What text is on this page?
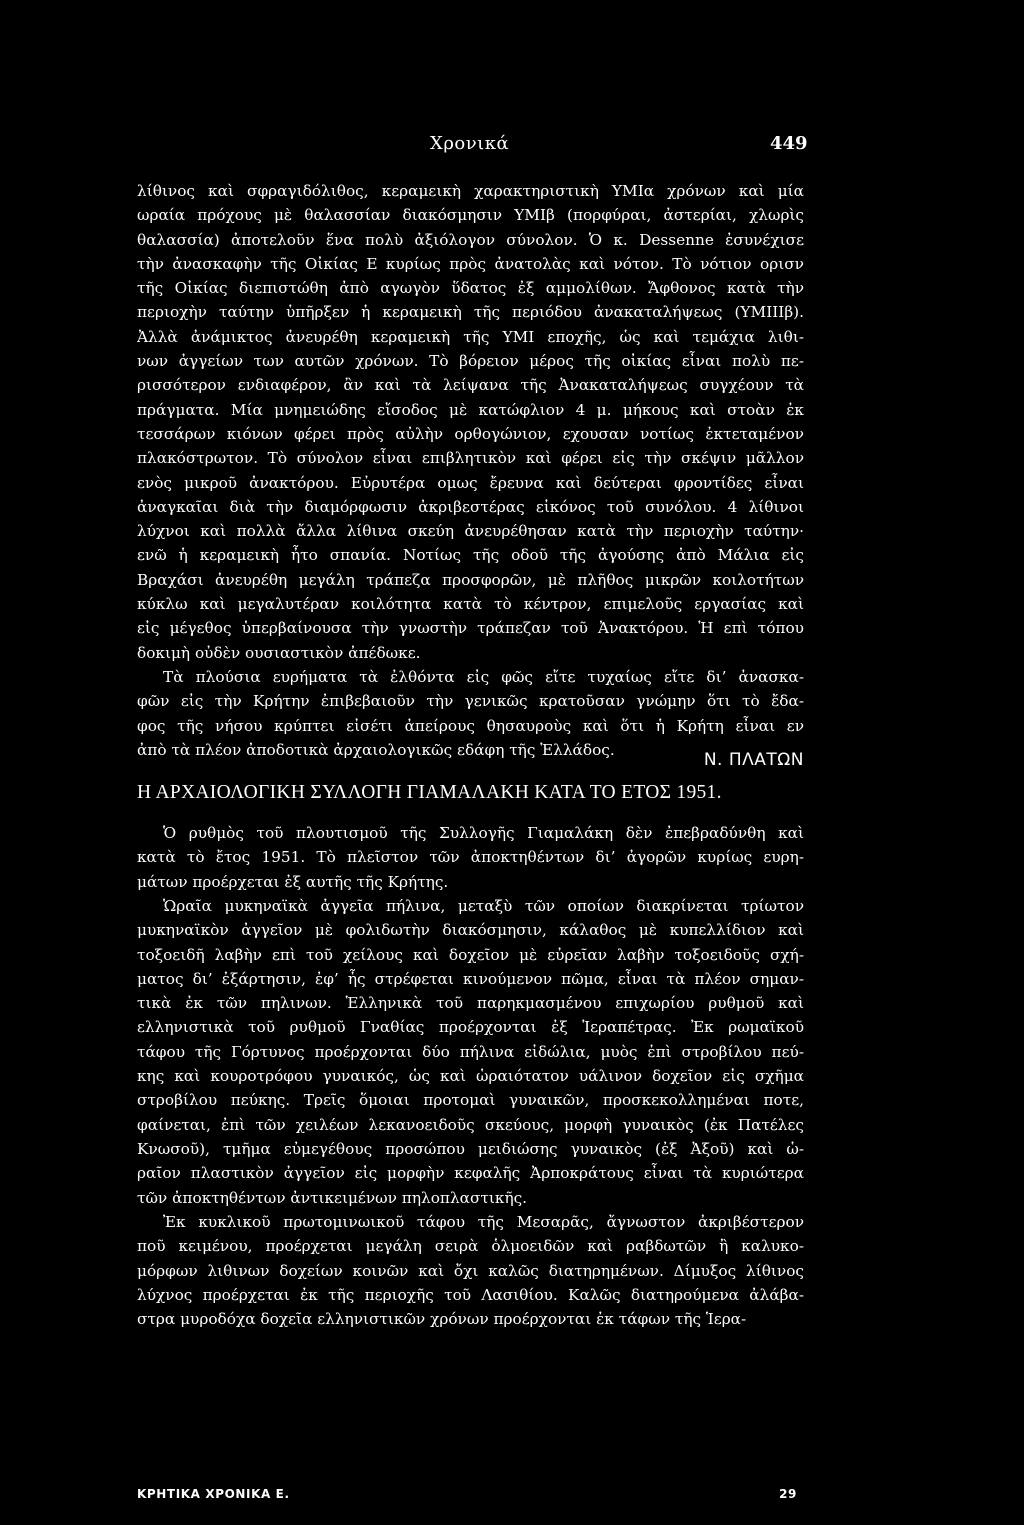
Χρονικά	449
λίθινος καὶ σφραγιδόλιθος, κεραμεικὴ χαρακτηριστικὴ ΥΜΙα χρόνων καὶ μία
ωραία πρόχους μὲ θαλασσίαν διακόσμησιν ΥΜΙβ (πορφύραι, ἀστερίαι, χλωρὶς
θαλασσία) ἀποτελοῦν ἕνα πολὺ ἀξιόλογον σύνολον. Ὁ κ. Dessenne ἐσυνέχισε
τὴν ἀνασκαφὴν τῆς Οἰκίας Ε κυρίως πρὸς ἀνατολὰς καὶ νότον. Τὸ νότιον ορισν
τῆς Οἰκίας διεπιστώθη ἀπὸ αγωγὸν ὕδατος ἐξ αμμολίθων. Ἄφθονος κατὰ τὴν
περιοχὴν ταύτην ὑπῆρξεν ἡ κεραμεικὴ τῆς περιόδου ἀνακαταλήψεως (ΥΜΙΙΙβ).
Ἀλλὰ ἀνάμικτος ἀνευρέθη κεραμεικὴ τῆς ΥΜΙ εποχῆς, ὡς καὶ τεμάχια λιθι-
νων ἀγγείων των αυτῶν χρόνων. Τὸ βόρειον μέρος τῆς οἰκίας εἶναι πολὺ πε-
ρισσότερον ενδιαφέρον, ἂν καὶ τὰ λείψανα τῆς Ἀνακαταλήψεως συγχέουν τὰ
πράγματα. Μία μνημειώδης εἴσοδος μὲ κατώφλιον 4 μ. μήκους καὶ στοὰν ἐκ
τεσσάρων κιόνων φέρει πρὸς αὐλὴν ορθογώνιον, εχουσαν νοτίως ἐκτεταμένον
πλακόστρωτον. Τὸ σύνολον εἶναι επιβλητικὸν καὶ φέρει εἰς τὴν σκέψιν μᾶλλον
ενὸς μικροῦ ἀνακτόρου. Εὐρυτέρα ομως ἔρευνα καὶ δεύτεραι φροντίδες εἶναι
ἀναγκαῖαι διὰ τὴν διαμόρφωσιν ἀκριβεστέρας εἰκόνος τοῦ συνόλου. 4 λίθινοι
λύχνοι καὶ πολλὰ ἄλλα λίθινα σκεύη ἀνευρέθησαν κατὰ τὴν περιοχὴν ταύτην·
ενῶ ἡ κεραμεικὴ ἦτο σπανία. Νοτίως τῆς οδοῦ τῆς ἀγούσης ἀπὸ Μάλια εἰς
Βραχάσι ἀνευρέθη μεγάλη τράπεζα προσφορῶν, μὲ πλῆθος μικρῶν κοιλοτήτων
κύκλω καὶ μεγαλυτέραν κοιλότητα κατὰ τὸ κέντρον, επιμελοῦς εργασίας καὶ
εἰς μέγεθος ὑπερβαίνουσα τὴν γνωστὴν τράπεζαν τοῦ Ἀνακτόρου. Ἡ επὶ τόπου
δοκιμὴ οὐδὲν ουσιαστικὸν ἀπέδωκε.
Τὰ πλούσια ευρήματα τὰ ἐλθόντα εἰς φῶς εἴτε τυχαίως εἴτε δι’ ἀνασκα-
φῶν εἰς τὴν Κρήτην ἐπιβεβαιοῦν τὴν γενικῶς κρατοῦσαν γνώμην ὅτι τὸ ἔδα-
φος τῆς νήσου κρύπτει εἰσέτι ἀπείρους θησαυροὺς καὶ ὅτι ἡ Κρήτη εἶναι εν
ἀπὸ τὰ πλέον ἀποδοτικὰ ἀρχαιολογικῶς εδάφη τῆς Ἑλλάδος.
Ν. ΠΛΑΤΩΝ
Η ΑΡΧΑΙΟΛΟΓΙΚΗ ΣΥΛΛΟΓΗ ΓΙΑΜΑΛΑΚΗ ΚΑΤΑ ΤΟ ΕΤΟΣ 1951.
Ὁ ρυθμὸς τοῦ πλουτισμοῦ τῆς Συλλογῆς Γιαμαλάκη δὲν ἐπεβραδύνθη καὶ
κατὰ τὸ ἔτος 1951. Τὸ πλεῖστον τῶν ἀποκτηθέντων δι’ ἀγορῶν κυρίως ευρη-
μάτων προέρχεται ἐξ αυτῆς τῆς Κρήτης.
Ὡραῖα μυκηναϊκὰ ἀγγεῖα πήλινα, μεταξὺ τῶν οποίων διακρίνεται τρίωτον
μυκηναϊκὸν ἀγγεῖον μὲ φολιδωτὴν διακόσμησιν, κάλαθος μὲ κυπελλίδιον καὶ
τοξοειδῆ λαβὴν επὶ τοῦ χείλους καὶ δοχεῖον μὲ εὐρεῖαν λαβὴν τοξοειδοῦς σχή-
ματος δι’ ἐξάρτησιν, ἐφ’ ἧς στρέφεται κινούμενον πῶμα, εἶναι τὰ πλέον σημαν-
τικὰ ἐκ τῶν πηλινων. Ἑλληνικὰ τοῦ παρηκμασμένου επιχωρίου ρυθμοῦ καὶ
ελληνιστικὰ τοῦ ρυθμοῦ Γναθίας προέρχονται ἐξ Ἱεραπέτρας. Ἐκ ρωμαϊκοῦ
τάφου τῆς Γόρτυνος προέρχονται δύο πήλινα εἰδώλια, μυὸς ἐπὶ στροβίλου πεύ-
κης καὶ κουροτρόφου γυναικός, ὡς καὶ ὡραιότατον υάλινον δοχεῖον εἰς σχῆμα
στροβίλου πεύκης. Τρεῖς ὅμοιαι προτομαὶ γυναικῶν, προσκεκολλημέναι ποτε,
φαίνεται, ἐπὶ τῶν χειλέων λεκανοειδοῦς σκεύους, μορφὴ γυναικὸς (ἐκ Πατέλες
Κνωσοῦ), τμῆμα εὐμεγέθους προσώπου μειδιώσης γυναικὸς (ἐξ Ἀξοῦ) καὶ ὡ-
ραῖον πλαστικὸν ἀγγεῖον εἰς μορφὴν κεφαλῆς Ἀρποκράτους εἶναι τὰ κυριώτερα
τῶν ἀποκτηθέντων ἀντικειμένων πηλοπλαστικῆς.
Ἐκ κυκλικοῦ πρωτομινωικοῦ τάφου τῆς Μεσαρᾶς, ἄγνωστον ἀκριβέστερον
ποῦ κειμένου, προέρχεται μεγάλη σειρὰ ὁλμοειδῶν καὶ ραβδωτῶν ἢ καλυκο-
μόρφων λιθινων δοχείων κοινῶν καὶ ὄχι καλῶς διατηρημένων. Δίμυξος λίθινος
λύχνος προέρχεται ἐκ τῆς περιοχῆς τοῦ Λασιθίου. Καλῶς διατηρούμενα ἀλάβα-
στρα μυροδόχα δοχεῖα ελληνιστικῶν χρόνων προέρχονται ἐκ τάφων τῆς Ἱερα-
ΚΡΗΤΙΚΑ ΧΡΟΝΙΚΑ Ε.	29
